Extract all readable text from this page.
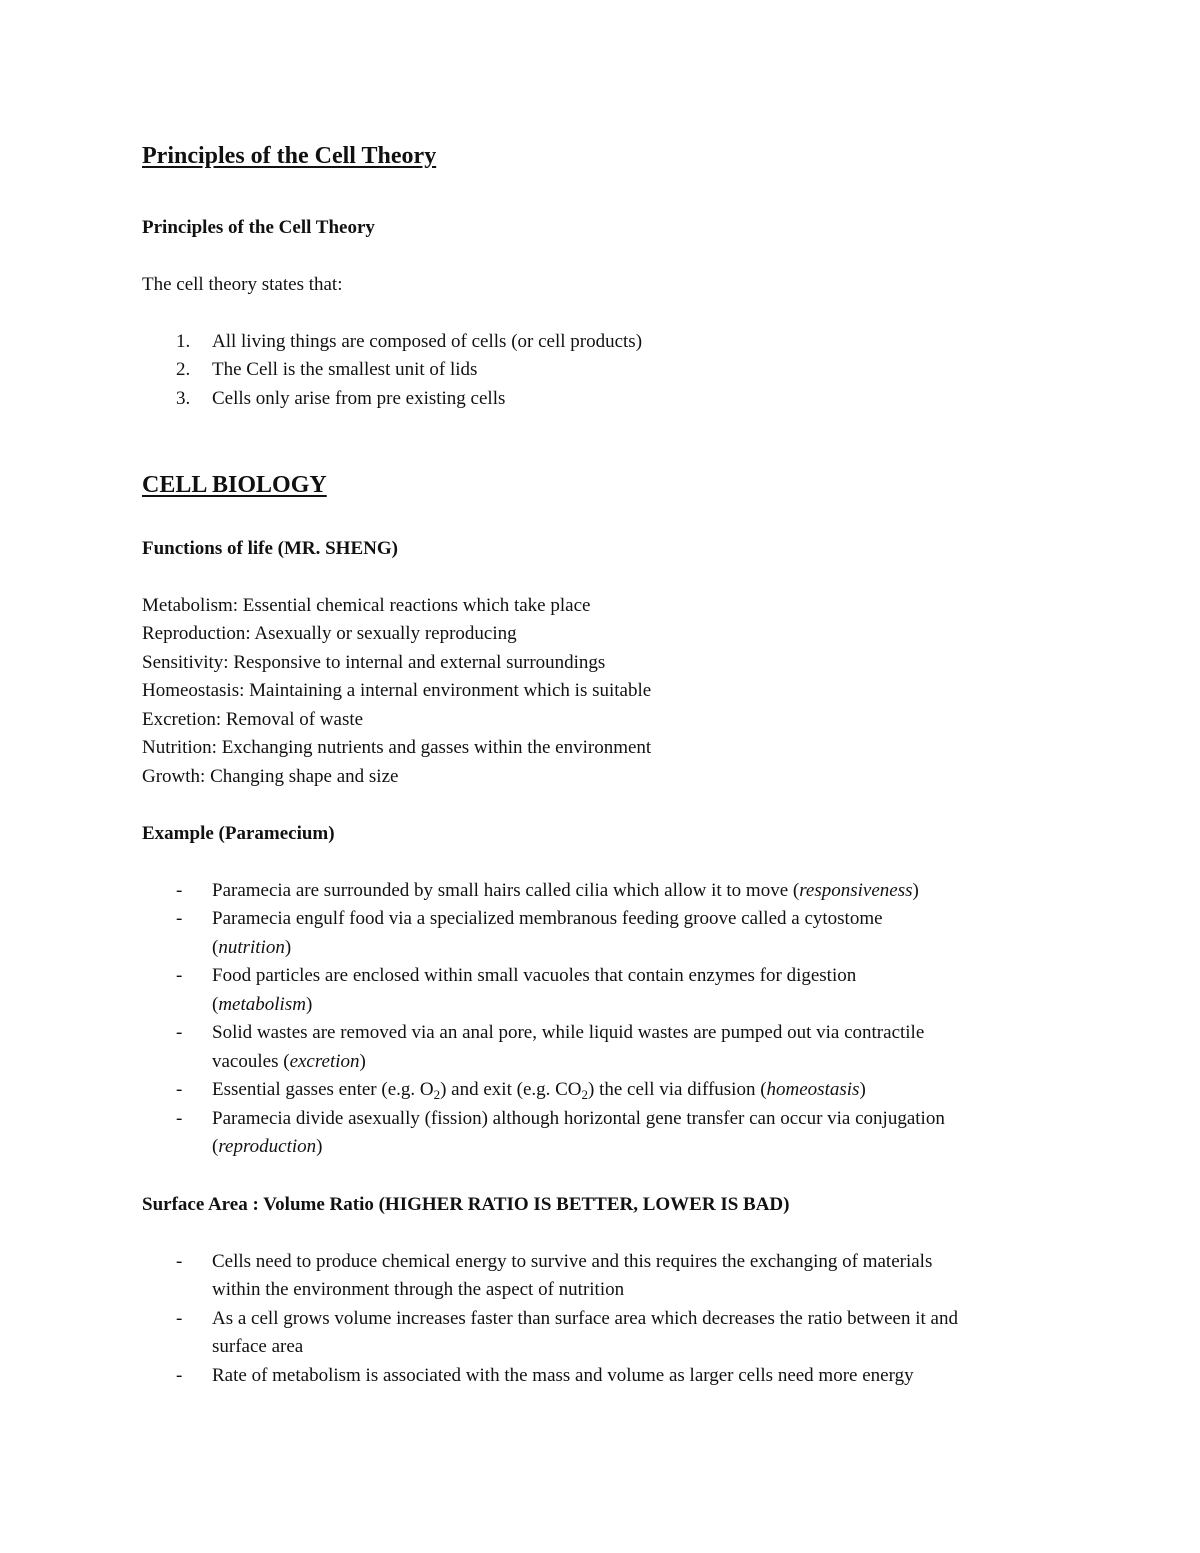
Principles of the Cell Theory

Principles of the Cell Theory

The cell theory states that:

1. All living things are composed of cells (or cell products)
2. The Cell is the smallest unit of lids
3. Cells only arise from pre existing cells
CELL BIOLOGY

Functions of life (MR. SHENG)

Metabolism: Essential chemical reactions which take place

Reproduction: Asexually or sexually reproducing

Sensitivity: Responsive to internal and external surroundings

Homeostasis: Maintaining a internal environment which is suitable

Excretion: Removal of waste

Nutrition: Exchanging nutrients and gasses within the environment

Growth: Changing shape and size

Example (Paramecium)

- Paramecia are surrounded by small hairs called cilia which allow it to move (responsiveness)
- Paramecia engulf food via a specialized membranous feeding groove called a cytostome
(nutrition)
- Food particles are enclosed within small vacuoles that contain enzymes for digestion
(metabolism)
- Solid wastes are removed via an anal pore, while liquid wastes are pumped out via contractile
vacoules (excretion)
- Essential gasses enter (e.g. $O_2$) and exit (e.g. $CO_2$) the cell via diffusion (homeostasis)
- Paramecia divide asexually (fission) although horizontal gene transfer can occur via conjugation
(reproduction)

Surface Area : Volume Ratio (HIGHER RATIO IS BETTER, LOWER IS BAD)

- Cells need to produce chemical energy to survive and this requires the exchanging of materials
within the environment through the aspect of nutrition
- As a cell grows volume increases faster than surface area which decreases the ratio between it and
surface area
- Rate of metabolism is associated with the mass and volume as larger cells need more energy
